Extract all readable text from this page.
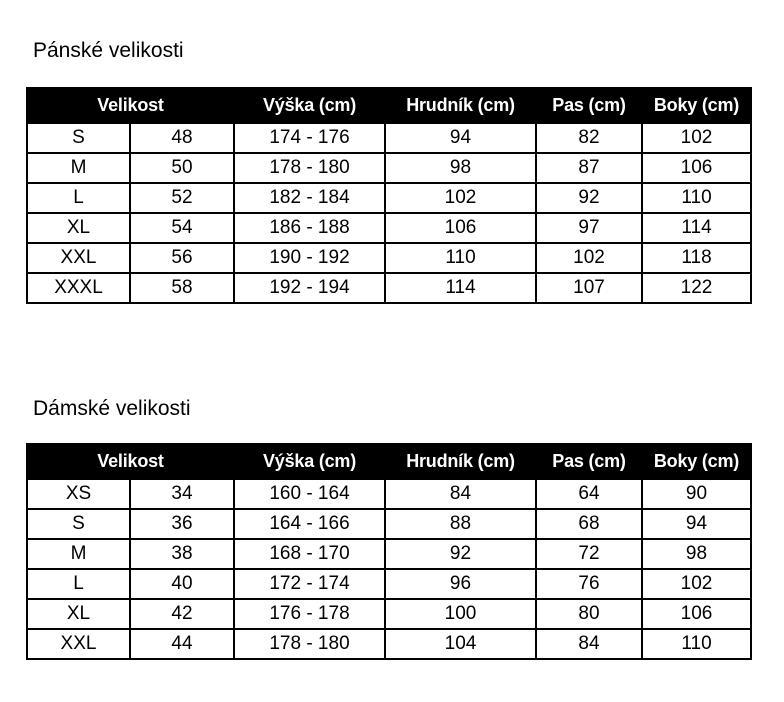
Pánské velikosti
Velikost		Výška (cm)	Hrudník (cm)	Pas (cm)	Boky (cm)
S	48	174 - 176	94	82	102
M	50	178 - 180	98	87	106
L	52	182 - 184	102	92	110
XL	54	186 - 188	106	97	114
XXL	56	190 - 192	110	102	118
XXXL	58	192 - 194	114	107	122
Dámské velikosti
Velikost		Výška (cm)	Hrudník (cm)	Pas (cm)	Boky (cm)
XS	34	160 - 164	84	64	90
S	36	164 - 166	88	68	94
M	38	168 - 170	92	72	98
L	40	172 - 174	96	76	102
XL	42	176 - 178	100	80	106
XXL	44	178 - 180	104	84	110
